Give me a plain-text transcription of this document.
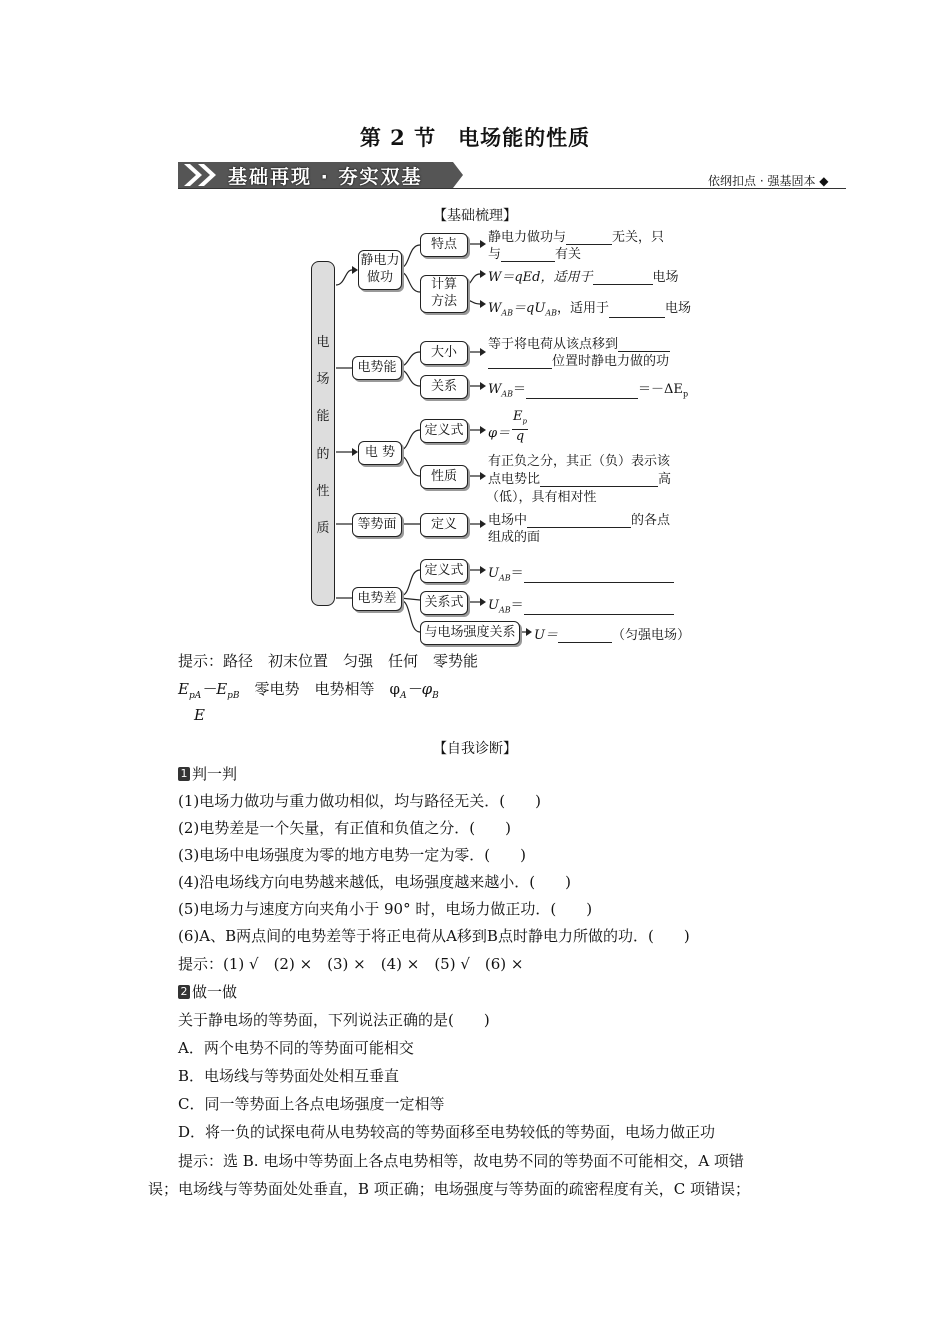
第 2 节　电场能的性质
基础再现 · 夯实双基	依纲扣点 · 强基固本 ◆
【基础梳理】
电
场
能
的
性
质
静电力做功
电势能
电 势
等势面
电势差
特点
计算方法
大小
关系
定义式
性质
定义
定义式
关系式
与电场强度关系
静电力做功与	无关，只
与	有关
W＝qEd，适用于	电场
$W_{AB}=qU_{AB}$，适用于	电场
等于将电荷从该点移到
位置时静电力做的功
$W_{AB}=$	$=-\Delta E_p$
φ＝
$E_p$
q
有正负之分，其正（负）表示该
点电势比	高
（低），具有相对性
电场中	的各点
组成的面
$U_{AB}=$
$U_{AB}=$
U＝	（匀强电场）
提示：路径　初末位置　匀强　任何　零势能
$E_{pA}-E_{pB}$　零电势　电势相等　$\varphi_A-\varphi_B$
E
【自我诊断】
1 判一判
(1)电场力做功与重力做功相似，均与路径无关．(　　)
(2)电势差是一个矢量，有正值和负值之分．(　　)
(3)电场中电场强度为零的地方电势一定为零．(　　)
(4)沿电场线方向电势越来越低，电场强度越来越小．(　　)
(5)电场力与速度方向夹角小于 90° 时，电场力做正功．(　　)
(6)A、B两点间的电势差等于将正电荷从A移到B点时静电力所做的功．(　　)
提示：(1) √　(2) ×　(3) ×　(4) ×　(5) √　(6) ×
2 做一做
关于静电场的等势面，下列说法正确的是(　　)
A．两个电势不同的等势面可能相交
B．电场线与等势面处处相互垂直
C．同一等势面上各点电场强度一定相等
D．将一负的试探电荷从电势较高的等势面移至电势较低的等势面，电场力做正功
提示：选 B. 电场中等势面上各点电势相等，故电势不同的等势面不可能相交，A 项错
误；电场线与等势面处处垂直，B 项正确；电场强度与等势面的疏密程度有关，C 项错误；
